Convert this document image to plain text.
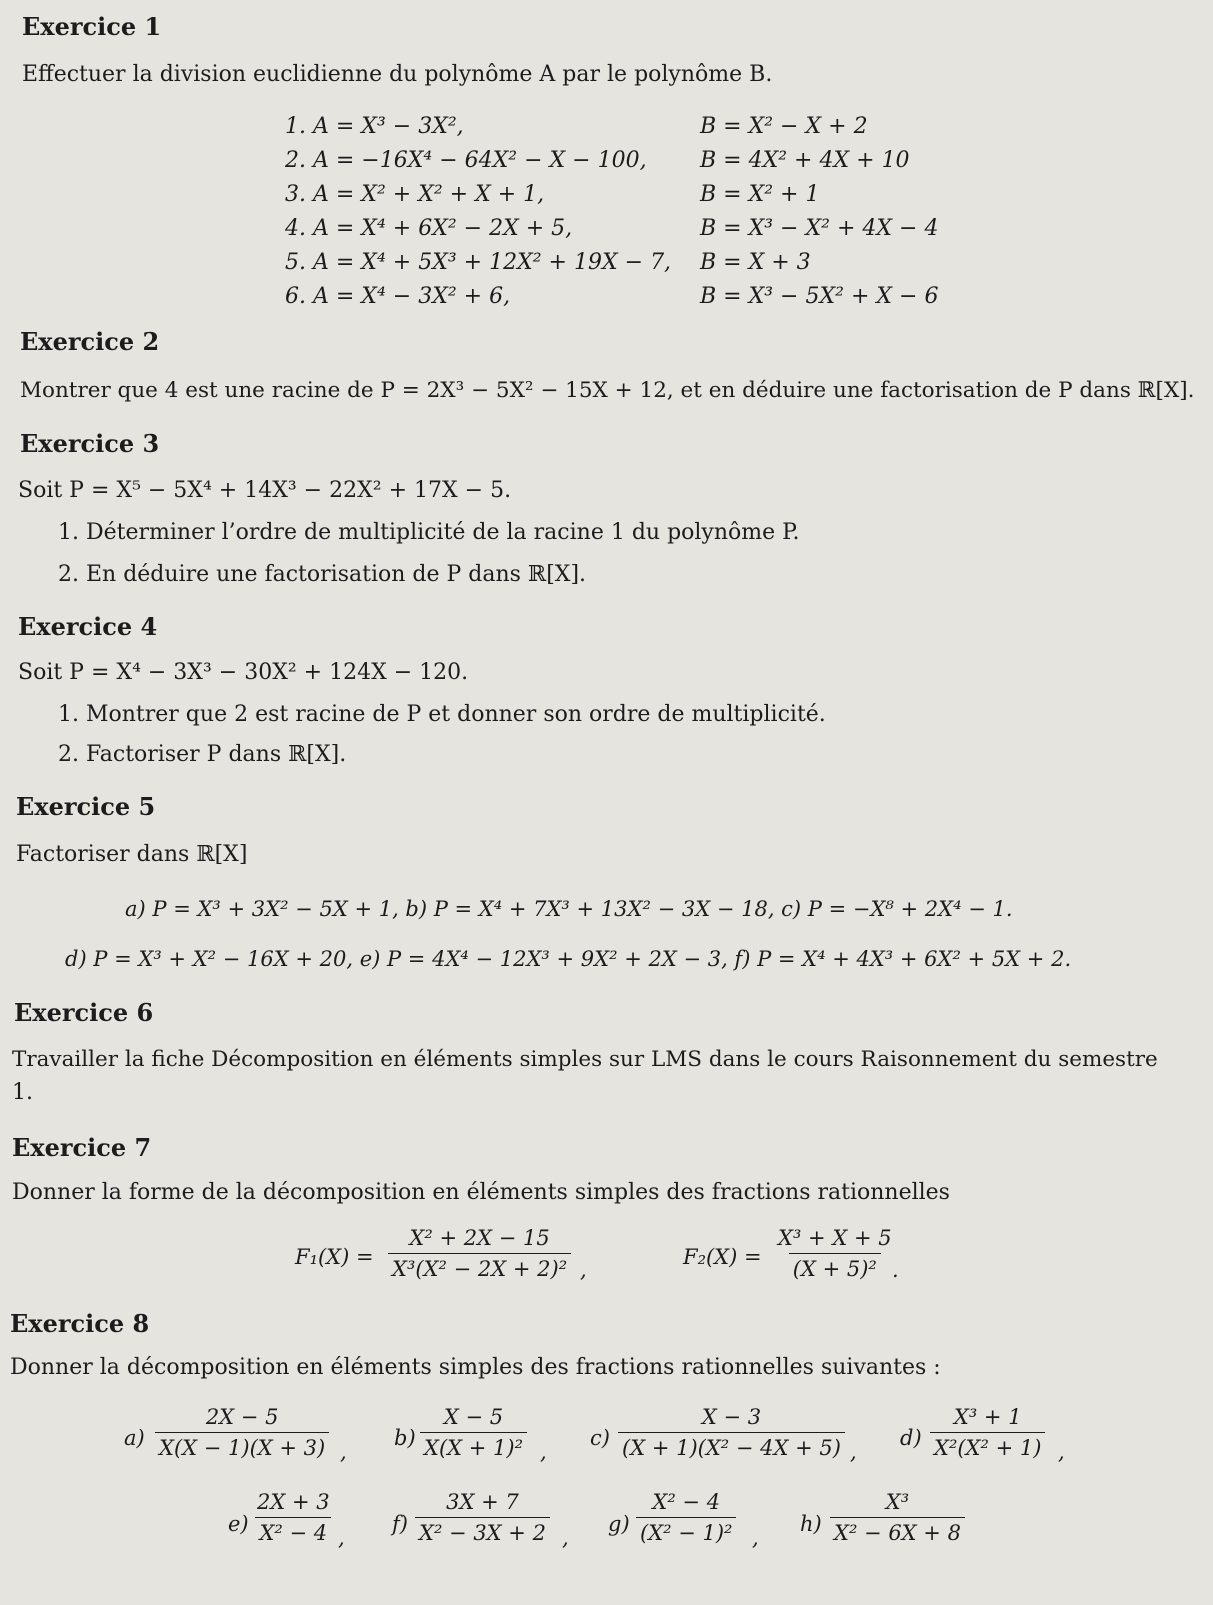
Exercice 1
Effectuer la division euclidienne du polynôme A par le polynôme B.
1. A = X³ − 3X²,	B = X² − X + 2
2. A = −16X⁴ − 64X² − X − 100, B = 4X² + 4X + 10
3. A = X² + X² + X + 1,	B = X² + 1
4. A = X⁴ + 6X² − 2X + 5,	B = X³ − X² + 4X − 4
5. A = X⁴ + 5X³ + 12X² + 19X − 7, B = X + 3
6. A = X⁴ − 3X² + 6,	B = X³ − 5X² + X − 6
Exercice 2
Montrer que 4 est une racine de P = 2X³ − 5X² − 15X + 12, et en déduire une factorisation de P dans ℝ[X].
Exercice 3
Soit P = X⁵ − 5X⁴ + 14X³ − 22X² + 17X − 5.
1. Déterminer l’ordre de multiplicité de la racine 1 du polynôme P.
2. En déduire une factorisation de P dans ℝ[X].
Exercice 4
Soit P = X⁴ − 3X³ − 30X² + 124X − 120.
1. Montrer que 2 est racine de P et donner son ordre de multiplicité.
2. Factoriser P dans ℝ[X].
Exercice 5
Factoriser dans ℝ[X]
a) P = X³ + 3X² − 5X + 1, b) P = X⁴ + 7X³ + 13X² − 3X − 18, c) P = −X⁸ + 2X⁴ − 1.
d) P = X³ + X² − 16X + 20, e) P = 4X⁴ − 12X³ + 9X² + 2X − 3, f) P = X⁴ + 4X³ + 6X² + 5X + 2.
Exercice 6
Travailler la fiche Décomposition en éléments simples sur LMS dans le cours Raisonnement du semestre
1.
Exercice 7
Donner la forme de la décomposition en éléments simples des fractions rationnelles
$F_1(X) = \frac{\text{X² + 2X − 15}}{\text{X³(X² − 2X + 2)²}}$ ,
$F_2(X) = \frac{\text{X³ + X + 5}}{\text{(X + 5)²}}$
.
Exercice 8
Donner la décomposition en éléments simples des fractions rationnelles suivantes :
$a) \frac{2X - 5}{X(X - 1)(X + 3)}$ ,
$b) \frac{X - 5}{\text{X(X + 1)²}}$ ,
$c) \frac{X - 3}{\text{(X + 1)(X² − 4X + 5)}}$ ,
$d) \frac{\text{X³ + 1}}{\text{X²(X² + 1)}}$ ,
$e) \frac{2X + 3}{\text{X² − 4}}$ ,
$f) \frac{3X + 7}{\text{X² − 3X + 2}}$ ,
$g) \frac{\text{X² − 4}}{\text{(X² − 1)²}}$ ,
$h) \frac{\text{X³}}{\text{X² − 6X + 8}}$
